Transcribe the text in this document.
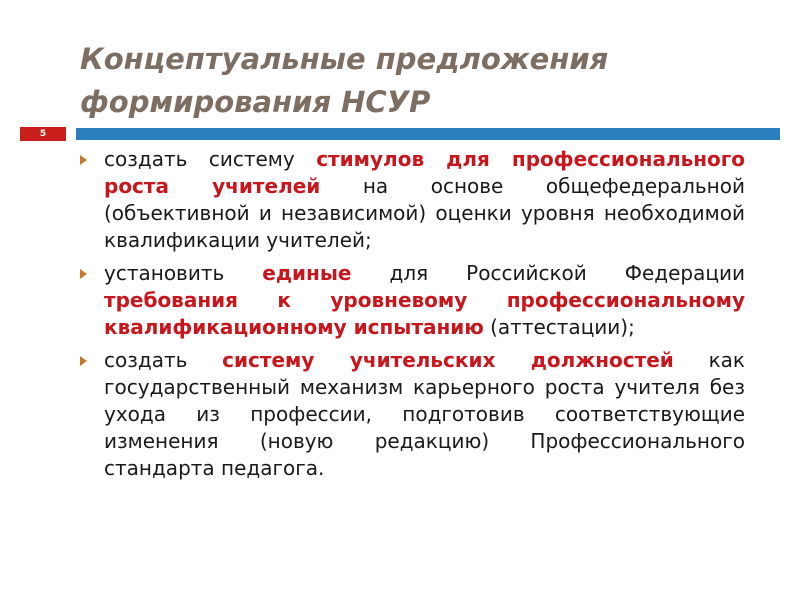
Концептуальные предложения
формирования НСУР
5
создать систему стимулов для профессионального роста учителей на основе общефедеральной (объективной и независимой) оценки уровня необходимой квалификации учителей;
установить единые для Российской Федерации требования к уровневому профессиональному квалификационному испытанию (аттестации);
создать систему учительских должностей как государственный механизм карьерного роста учителя без ухода из профессии, подготовив соответствующие изменения (новую редакцию) Профессионального стандарта педагога.
